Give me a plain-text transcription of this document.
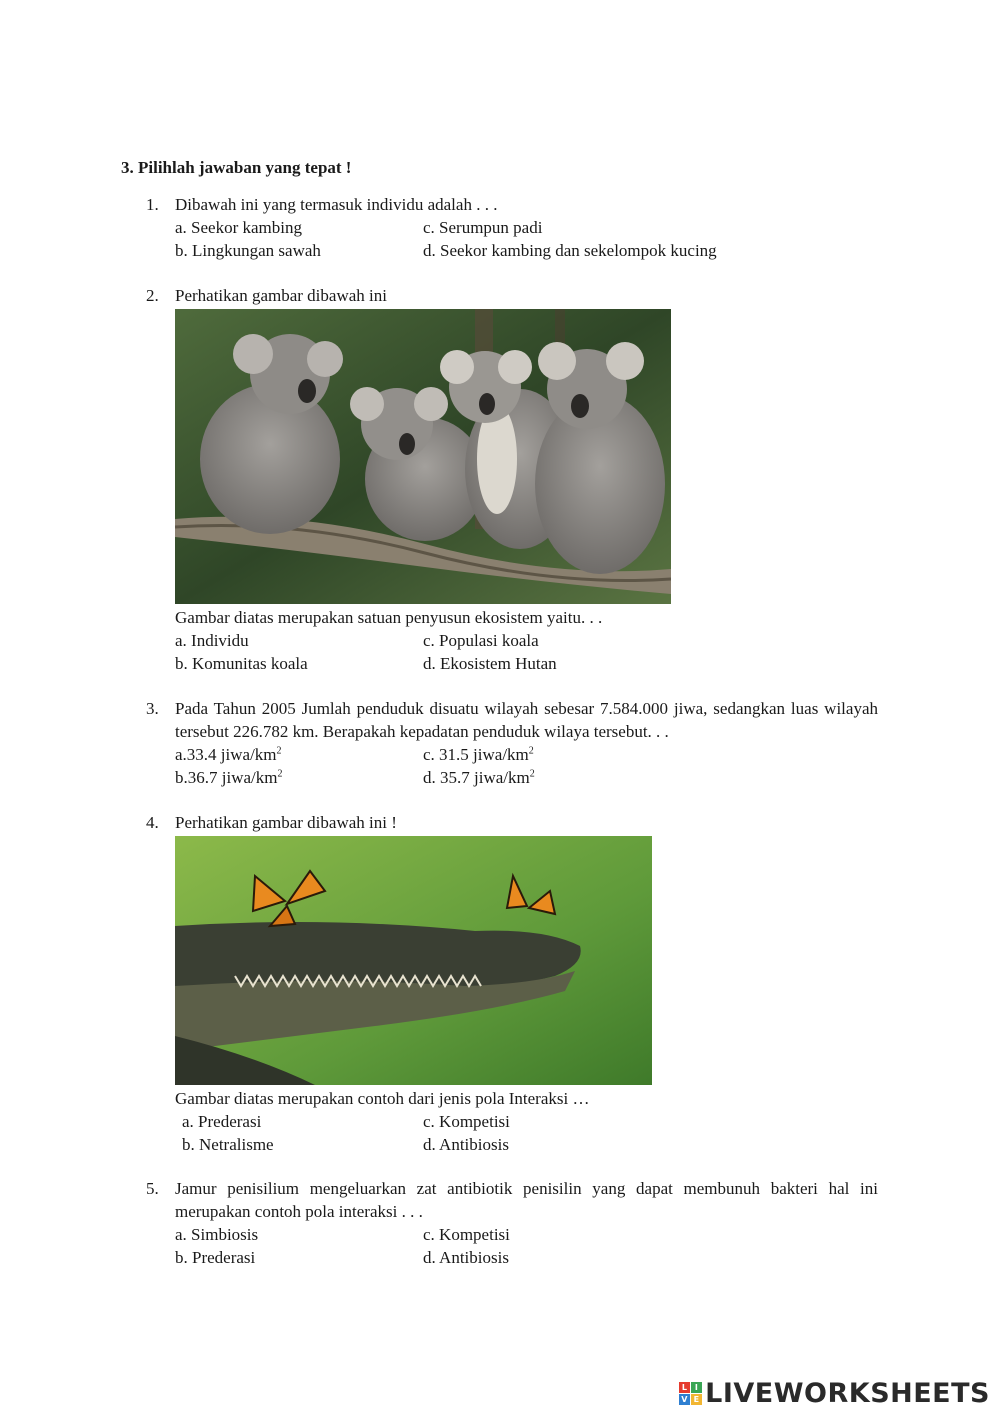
3. Pilihlah jawaban yang tepat !
1. Dibawah ini yang termasuk individu adalah . . .
a. Seekor kambing	c. Serumpun padi
b. Lingkungan sawah	d. Seekor kambing dan sekelompok kucing
2. Perhatikan gambar dibawah ini
Gambar diatas merupakan satuan penyusun ekosistem yaitu. . .
a. Individu	c. Populasi koala
b. Komunitas koala	d. Ekosistem Hutan
3. Pada Tahun 2005 Jumlah penduduk disuatu wilayah sebesar 7.584.000 jiwa, sedangkan luas wilayah tersebut 226.782 km. Berapakah kepadatan penduduk wilaya tersebut. . .
a.33.4 jiwa/$km^2$	c. 31.5 jiwa/$km^2$
b.36.7 jiwa/$km^2$	d. 35.7 jiwa/$km^2$
4. Perhatikan gambar dibawah ini !
Gambar diatas merupakan contoh dari jenis pola Interaksi …
a. Prederasi	c. Kompetisi
b. Netralisme	d. Antibiosis
5. Jamur penisilium mengeluarkan zat antibiotik penisilin yang dapat membunuh bakteri hal ini merupakan contoh pola interaksi . . .
a. Simbiosis	c. Kompetisi
b. Prederasi	d. Antibiosis
L I
V E LIVEWORKSHEETS
